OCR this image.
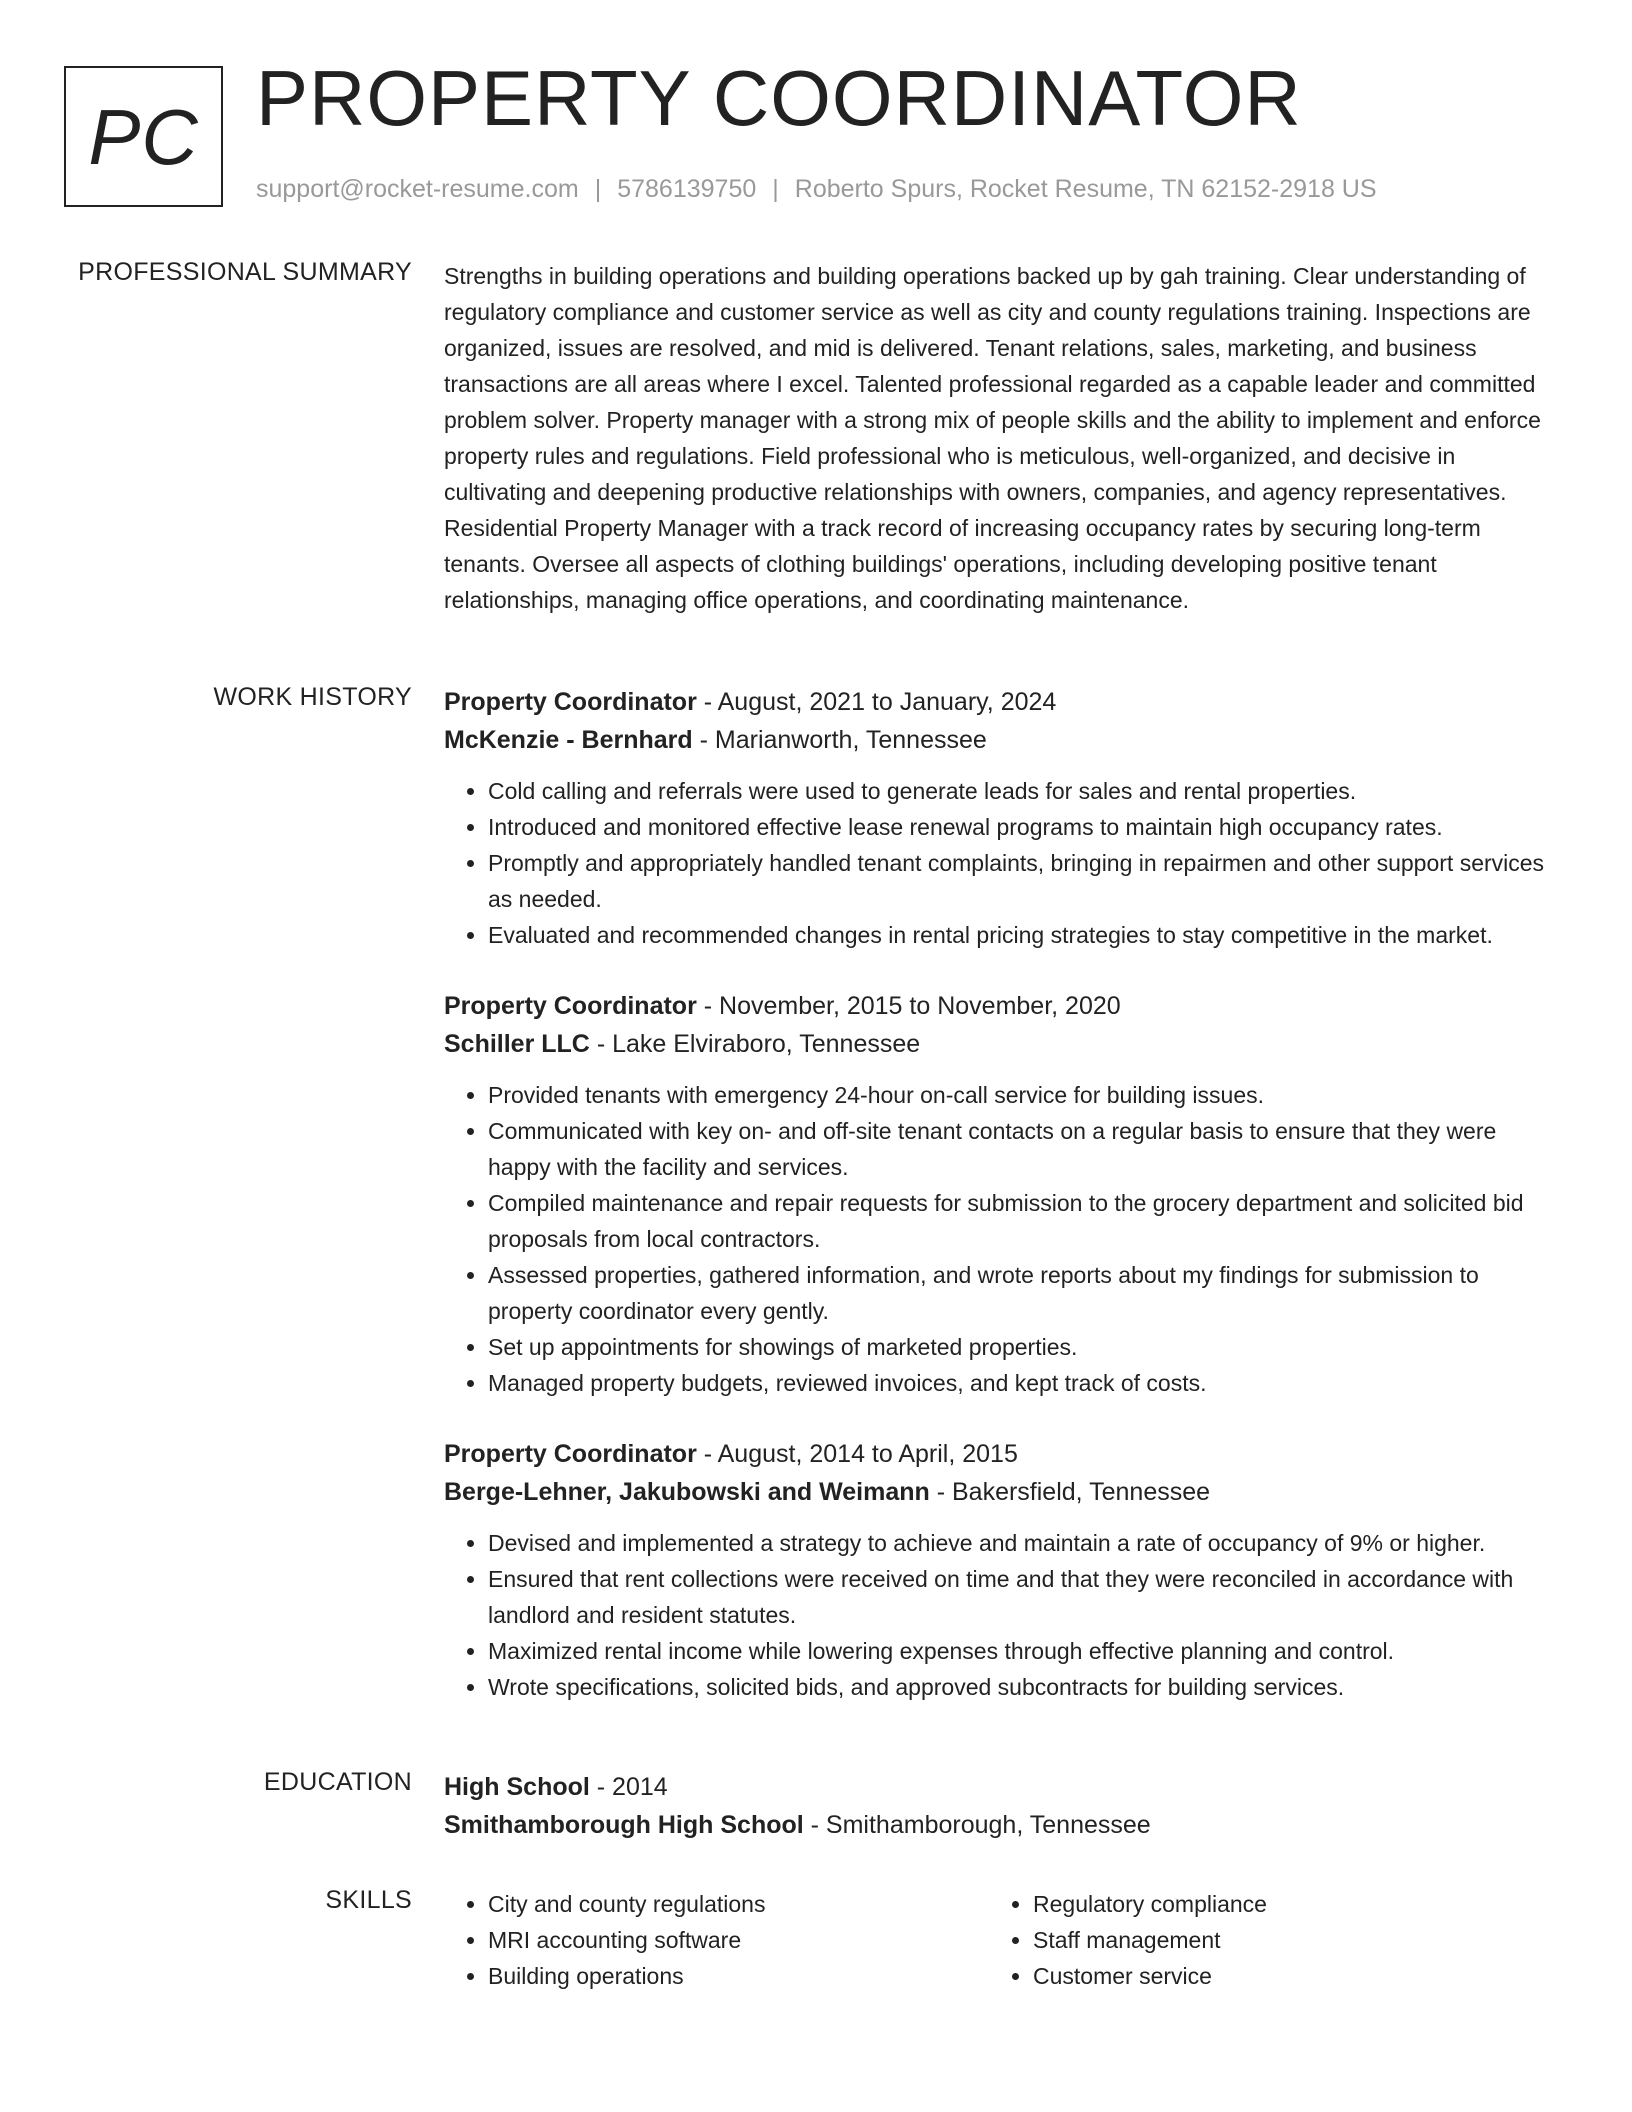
PC PROPERTY COORDINATOR
support@rocket-resume.com | 5786139750 | Roberto Spurs, Rocket Resume, TN 62152-2918 US
PROFESSIONAL SUMMARY Strengths in building operations and building operations backed up by gah training. Clear understanding of regulatory compliance and customer service as well as city and county regulations training. Inspections are organized, issues are resolved, and mid is delivered. Tenant relations, sales, marketing, and business transactions are all areas where I excel. Talented professional regarded as a capable leader and committed problem solver. Property manager with a strong mix of people skills and the ability to implement and enforce property rules and regulations. Field professional who is meticulous, well-organized, and decisive in cultivating and deepening productive relationships with owners, companies, and agency representatives. Residential Property Manager with a track record of increasing occupancy rates by securing long-term tenants. Oversee all aspects of clothing buildings' operations, including developing positive tenant relationships, managing office operations, and coordinating maintenance.

WORK HISTORY Property Coordinator - August, 2021 to January, 2024
McKenzie - Bernhard - Marianworth, Tennessee
• Cold calling and referrals were used to generate leads for sales and rental properties.
• Introduced and monitored effective lease renewal programs to maintain high occupancy rates.
• Promptly and appropriately handled tenant complaints, bringing in repairmen and other support services as needed.
• Evaluated and recommended changes in rental pricing strategies to stay competitive in the market.
Property Coordinator - November, 2015 to November, 2020
Schiller LLC - Lake Elviraboro, Tennessee
• Provided tenants with emergency 24-hour on-call service for building issues.
• Communicated with key on- and off-site tenant contacts on a regular basis to ensure that they were happy with the facility and services.
• Compiled maintenance and repair requests for submission to the grocery department and solicited bid proposals from local contractors.
• Assessed properties, gathered information, and wrote reports about my findings for submission to property coordinator every gently.
• Set up appointments for showings of marketed properties.
• Managed property budgets, reviewed invoices, and kept track of costs.
Property Coordinator - August, 2014 to April, 2015
Berge-Lehner, Jakubowski and Weimann - Bakersfield, Tennessee
• Devised and implemented a strategy to achieve and maintain a rate of occupancy of 9% or higher.
• Ensured that rent collections were received on time and that they were reconciled in accordance with landlord and resident statutes.
• Maximized rental income while lowering expenses through effective planning and control.
• Wrote specifications, solicited bids, and approved subcontracts for building services.
EDUCATION High School - 2014
Smithamborough High School - Smithamborough, Tennessee
SKILLS
•	City and county regulations
• MRI accounting software
• Building operations
• Regulatory compliance
• Staff management
• Customer service
